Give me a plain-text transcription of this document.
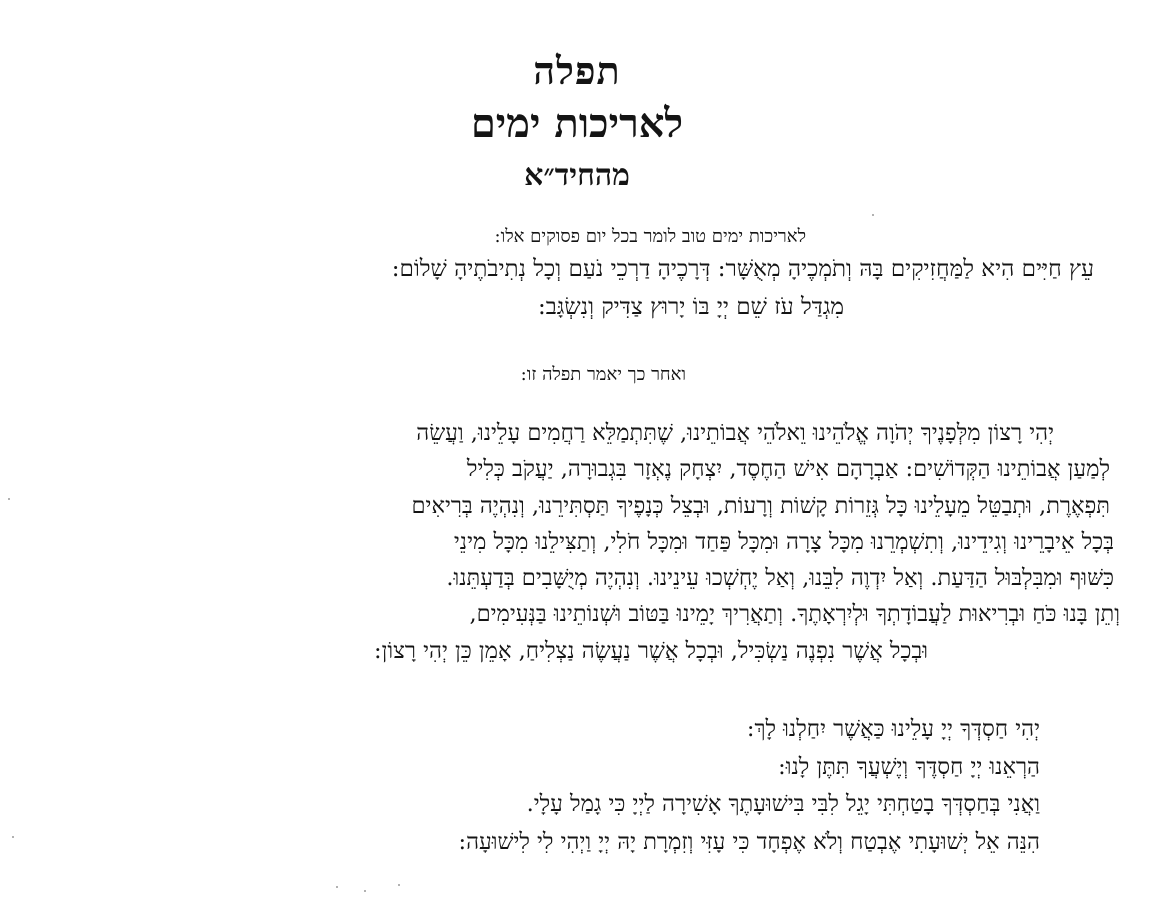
תפלה
לאריכות ימים
מהחיד״א
לאריכות ימים טוב לומר בכל יום פסוקים אלו:
עֵץ חַיִּים הִיא לַמַּחֲזִיקִים בָּהּ וְתֹמְכֶיהָ מְאֻשָּׁר: דְּרָכֶיהָ דַרְכֵי נֹעַם וְכָל נְתִיבֹתֶיהָ שָׁלוֹם:
מִגְדַּל עֹז שֵׁם יְיָ בּוֹ יָרוּץ צַדִּיק וְנִשְׂגָּב:
ואחר כך יאמר תפלה זו:
יְהִי רָצוֹן מִלְּפָנֶיךָ יְהֹוָה אֱלֹהֵינוּ וֵאלֹהֵי אֲבוֹתֵינוּ, שֶׁתִּתְמַלֵּא רַחֲמִים עָלֵינוּ, וַעֲשֵׂה
לְמַעַן אֲבוֹתֵינוּ הַקְּדוֹשִׁים: אַבְרָהָם אִישׁ הַחֶסֶד, יִצְחָק נֶאְזָר בִּגְבוּרָה, יַעֲקֹב כְּלִיל
תִּפְאֶרֶת, וּתְבַטֵּל מֵעָלֵינוּ כָּל גְּזֵרוֹת קָשׁוֹת וְרָעוֹת, וּבְצֵל כְּנָפֶיךָ תַּסְתִּירֵנוּ, וְנִהְיֶה בְּרִיאִים
בְּכָל אֵיבָרֵינוּ וְגִידֵינוּ, וְתִשְׁמְרֵנוּ מִכָּל צָרָה וּמִכָּל פַּחַד וּמִכָּל חֹלִי, וְתַצִּילֵנוּ מִכָּל מִינֵי
כִּשּׁוּף וּמִבִּלְבּוּל הַדַּעַת. וְאַל יִדְוֶה לִבֵּנוּ, וְאַל יֶחְשְׁכוּ עֵינֵינוּ. וְנִהְיֶה מְיֻשָּׁבִים בְּדַעְתֵּנוּ.
וְתֵן בָּנוּ כֹּחַ וּבְרִיאוּת לַעֲבוֹדָתְךָ וּלְיִרְאָתֶךָ. וְתַאֲרִיךְ יָמֵינוּ בַּטּוֹב וּשְׁנוֹתֵינוּ בַּנְּעִימִים,
וּבְכָל אֲשֶׁר נִפְנֶה נַשְׂכִּיל, וּבְכָל אֲשֶׁר נַעֲשֶׂה נַצְלִיחַ, אָמֵן כֵּן יְהִי רָצוֹן:
יְהִי חַסְדְּךָ יְיָ עָלֵינוּ כַּאֲשֶׁר יִחַלְנוּ לָךְ:
הַרְאֵנוּ יְיָ חַסְדֶּךָ וְיֶשְׁעֲךָ תִּתֶּן לָנוּ:
וַאֲנִי בְּחַסְדְּךָ בָטַחְתִּי יָגֵל לִבִּי בִּישׁוּעָתֶךָ אָשִׁירָה לַיְיָ כִּי גָמַל עָלָי.
הִנֵּה אֵל יְשׁוּעָתִי אֶבְטַח וְלֹא אֶפְחָד כִּי עָזִּי וְזִמְרָת יָהּ יְיָ וַיְהִי לִי לִישׁוּעָה:
